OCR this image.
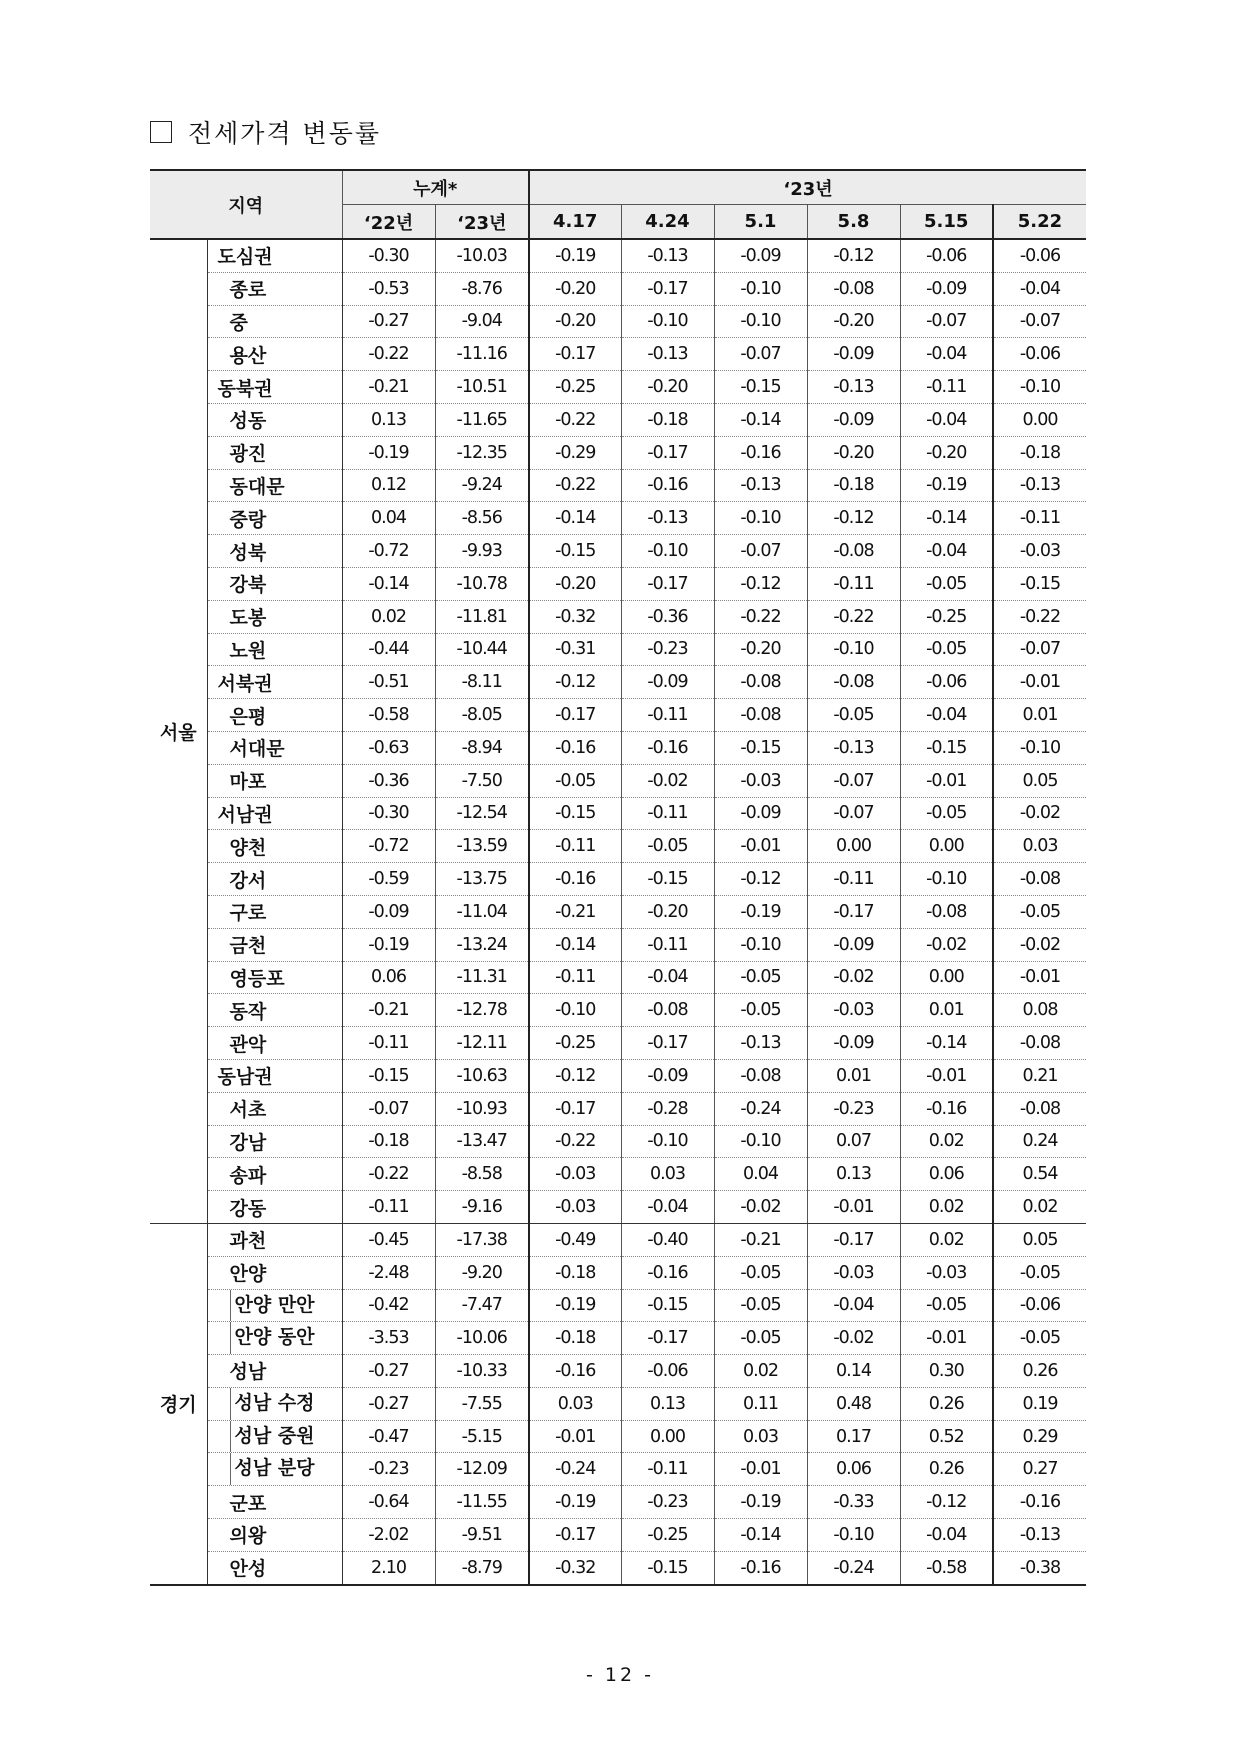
전세가격 변동률
지역		누계*		‘23년					
		‘22년	‘23년	4.17	4.24	5.1	5.8	5.15	5.22
서울	도심권	-0.30	-10.03	-0.19	-0.13	-0.09	-0.12	-0.06	-0.06
	종로	-0.53	-8.76	-0.20	-0.17	-0.10	-0.08	-0.09	-0.04
	중	-0.27	-9.04	-0.20	-0.10	-0.10	-0.20	-0.07	-0.07
	용산	-0.22	-11.16	-0.17	-0.13	-0.07	-0.09	-0.04	-0.06
	동북권	-0.21	-10.51	-0.25	-0.20	-0.15	-0.13	-0.11	-0.10
	성동	0.13	-11.65	-0.22	-0.18	-0.14	-0.09	-0.04	0.00
	광진	-0.19	-12.35	-0.29	-0.17	-0.16	-0.20	-0.20	-0.18
	동대문	0.12	-9.24	-0.22	-0.16	-0.13	-0.18	-0.19	-0.13
	중랑	0.04	-8.56	-0.14	-0.13	-0.10	-0.12	-0.14	-0.11
	성북	-0.72	-9.93	-0.15	-0.10	-0.07	-0.08	-0.04	-0.03
	강북	-0.14	-10.78	-0.20	-0.17	-0.12	-0.11	-0.05	-0.15
	도봉	0.02	-11.81	-0.32	-0.36	-0.22	-0.22	-0.25	-0.22
	노원	-0.44	-10.44	-0.31	-0.23	-0.20	-0.10	-0.05	-0.07
	서북권	-0.51	-8.11	-0.12	-0.09	-0.08	-0.08	-0.06	-0.01
	은평	-0.58	-8.05	-0.17	-0.11	-0.08	-0.05	-0.04	0.01
	서대문	-0.63	-8.94	-0.16	-0.16	-0.15	-0.13	-0.15	-0.10
	마포	-0.36	-7.50	-0.05	-0.02	-0.03	-0.07	-0.01	0.05
	서남권	-0.30	-12.54	-0.15	-0.11	-0.09	-0.07	-0.05	-0.02
	양천	-0.72	-13.59	-0.11	-0.05	-0.01	0.00	0.00	0.03
	강서	-0.59	-13.75	-0.16	-0.15	-0.12	-0.11	-0.10	-0.08
	구로	-0.09	-11.04	-0.21	-0.20	-0.19	-0.17	-0.08	-0.05
	금천	-0.19	-13.24	-0.14	-0.11	-0.10	-0.09	-0.02	-0.02
	영등포	0.06	-11.31	-0.11	-0.04	-0.05	-0.02	0.00	-0.01
	동작	-0.21	-12.78	-0.10	-0.08	-0.05	-0.03	0.01	0.08
	관악	-0.11	-12.11	-0.25	-0.17	-0.13	-0.09	-0.14	-0.08
	동남권	-0.15	-10.63	-0.12	-0.09	-0.08	0.01	-0.01	0.21
	서초	-0.07	-10.93	-0.17	-0.28	-0.24	-0.23	-0.16	-0.08
	강남	-0.18	-13.47	-0.22	-0.10	-0.10	0.07	0.02	0.24
	송파	-0.22	-8.58	-0.03	0.03	0.04	0.13	0.06	0.54
	강동	-0.11	-9.16	-0.03	-0.04	-0.02	-0.01	0.02	0.02
경기	과천	-0.45	-17.38	-0.49	-0.40	-0.21	-0.17	0.02	0.05
	안양	-2.48	-9.20	-0.18	-0.16	-0.05	-0.03	-0.03	-0.05

	안양 만안	-0.42	-7.47	-0.19	-0.15	-0.05	-0.04	-0.05	-0.06

	안양 동안	-3.53	-10.06	-0.18	-0.17	-0.05	-0.02	-0.01	-0.05
	성남	-0.27	-10.33	-0.16	-0.06	0.02	0.14	0.30	0.26

	성남 수정	-0.27	-7.55	0.03	0.13	0.11	0.48	0.26	0.19

	성남 중원	-0.47	-5.15	-0.01	0.00	0.03	0.17	0.52	0.29

	성남 분당	-0.23	-12.09	-0.24	-0.11	-0.01	0.06	0.26	0.27
	군포	-0.64	-11.55	-0.19	-0.23	-0.19	-0.33	-0.12	-0.16
	의왕	-2.02	-9.51	-0.17	-0.25	-0.14	-0.10	-0.04	-0.13
	안성	2.10	-8.79	-0.32	-0.15	-0.16	-0.24	-0.58	-0.38
- 12 -
